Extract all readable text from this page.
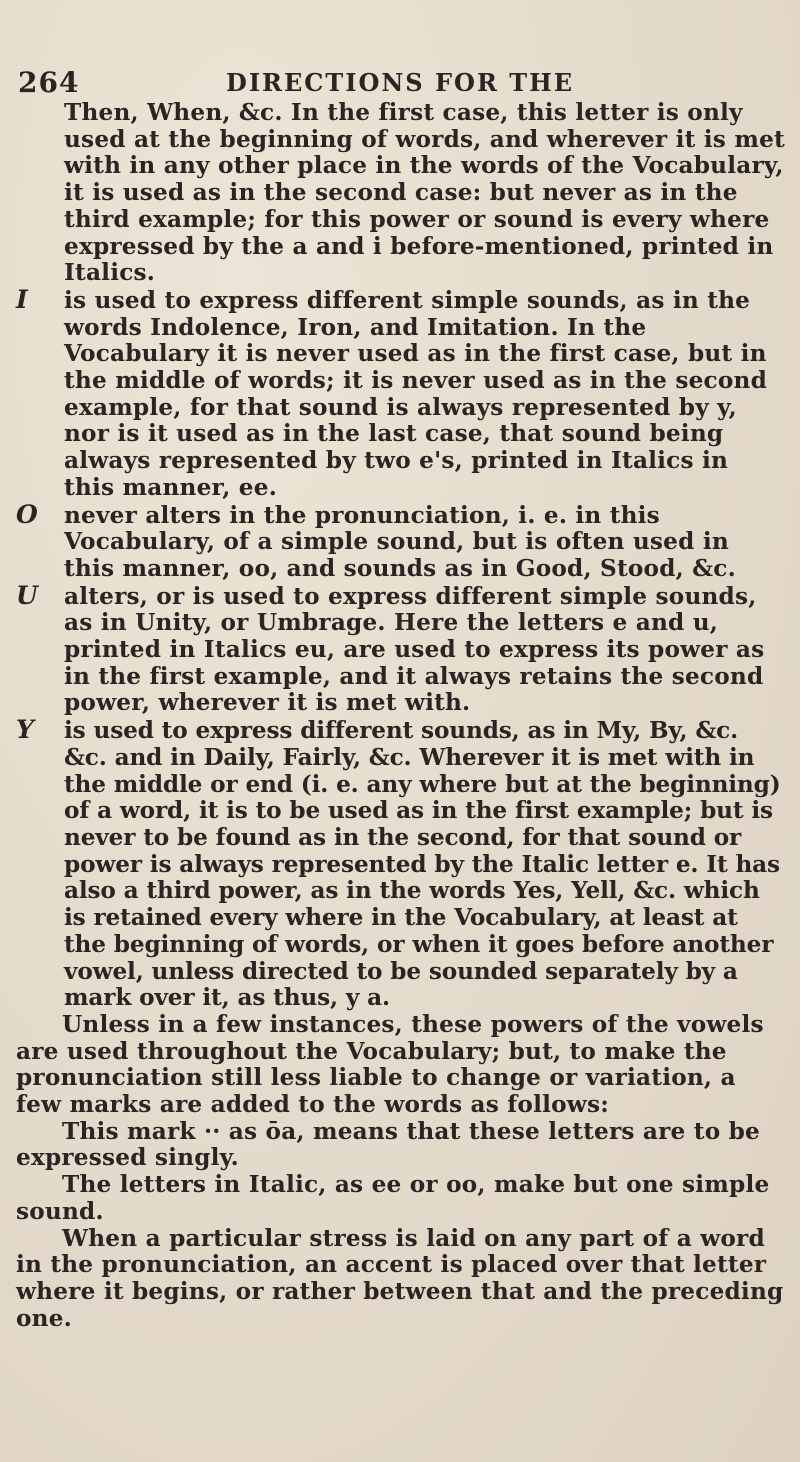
264	DIRECTIONS FOR THE

Then, When, &c. In the first case, this letter is only used at the beginning of words, and wherever it is met with in any other place in the words of the Vocabulary, it is used as in the second case: but never as in the third example; for this power or sound is every where expressed by the a and i before-mentioned, printed in Italics.

I is used to express different simple sounds, as in the words Indolence, Iron, and Imitation. In the Vocabulary it is never used as in the first case, but in the middle of words; it is never used as in the second example, for that sound is always represented by y, nor is it used as in the last case, that sound being always represented by two e's, printed in Italics in this manner, ee.

O never alters in the pronunciation, i. e. in this Vocabulary, of a simple sound, but is often used in this manner, oo, and sounds as in Good, Stood, &c.

U alters, or is used to express different simple sounds, as in Unity, or Umbrage. Here the letters e and u, printed in Italics eu, are used to express its power as in the first example, and it always retains the second power, wherever it is met with.

Y is used to express different sounds, as in My, By, &c. &c. and in Daily, Fairly, &c. Wherever it is met with in the middle or end (i. e. any where but at the beginning) of a word, it is to be used as in the first example; but is never to be found as in the second, for that sound or power is always represented by the Italic letter e. It has also a third power, as in the words Yes, Yell, &c. which is retained every where in the Vocabulary, at least at the beginning of words, or when it goes before another vowel, unless directed to be sounded separately by a mark over it, as thus, y a.

Unless in a few instances, these powers of the vowels are used throughout the Vocabulary; but, to make the pronunciation still less liable to change or variation, a few marks are added to the words as follows:

This mark ·· as ōa, means that these letters are to be expressed singly.

The letters in Italic, as ee or oo, make but one simple sound.

When a particular stress is laid on any part of a word in the pronunciation, an accent is placed over that letter where it begins, or rather between that and the preceding one.
